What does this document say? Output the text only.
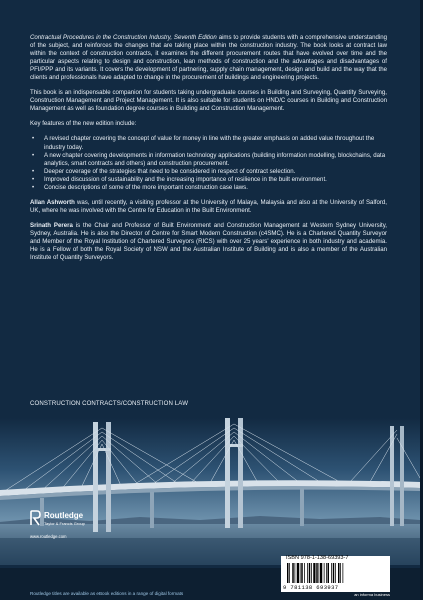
Contractual Procedures in the Construction Industry, Seventh Edition aims to provide students with a comprehensive understanding of the subject, and reinforces the changes that are taking place within the construction industry. The book looks at contract law within the context of construction contracts, it examines the different procurement routes that have evolved over time and the particular aspects relating to design and construction, lean methods of construction and the advantages and disadvantages of PFI/PPP and its variants. It covers the development of partnering, supply chain management, design and build and the way that the clients and professionals have adapted to change in the procurement of buildings and engineering projects.

This book is an indispensable companion for students taking undergraduate courses in Building and Surveying, Quantity Surveying, Construction Management and Project Management. It is also suitable for students on HND/C courses in Building and Construction Management as well as foundation degree courses in Building and Construction Management.

Key features of the new edition include:

• A revised chapter covering the concept of value for money in line with the greater emphasis on added value throughout the industry today.
• A new chapter covering developments in information technology applications (building information modelling, blockchains, data analytics, smart contracts and others) and construction procurement.
• Deeper coverage of the strategies that need to be considered in respect of contract selection.
• Improved discussion of sustainability and the increasing importance of resilience in the built environment.
• Concise descriptions of some of the more important construction case laws.

Allan Ashworth was, until recently, a visiting professor at the University of Malaya, Malaysia and also at the University of Salford, UK, where he was involved with the Centre for Education in the Built Environment.

Srinath Perera is the Chair and Professor of Built Environment and Construction Management at Western Sydney University, Sydney, Australia. He is also the Director of Centre for Smart Modern Construction (c4SMC). He is a Chartered Quantity Surveyor and Member of the Royal Institution of Chartered Surveyors (RICS) with over 25 years' experience in both industry and academia. He is a Fellow of both the Royal Society of NSW and the Australian Institute of Building and is also a member of the Australian Institute of Quantity Surveyors.

CONSTRUCTION CONTRACTS/CONSTRUCTION LAW
Routledge
Taylor & Francis Group
www.routledge.com
ISBN 978-1-138-69393-7
9 781138 693937
an informa business
Routledge titles are available as eBook editions in a range of digital formats
